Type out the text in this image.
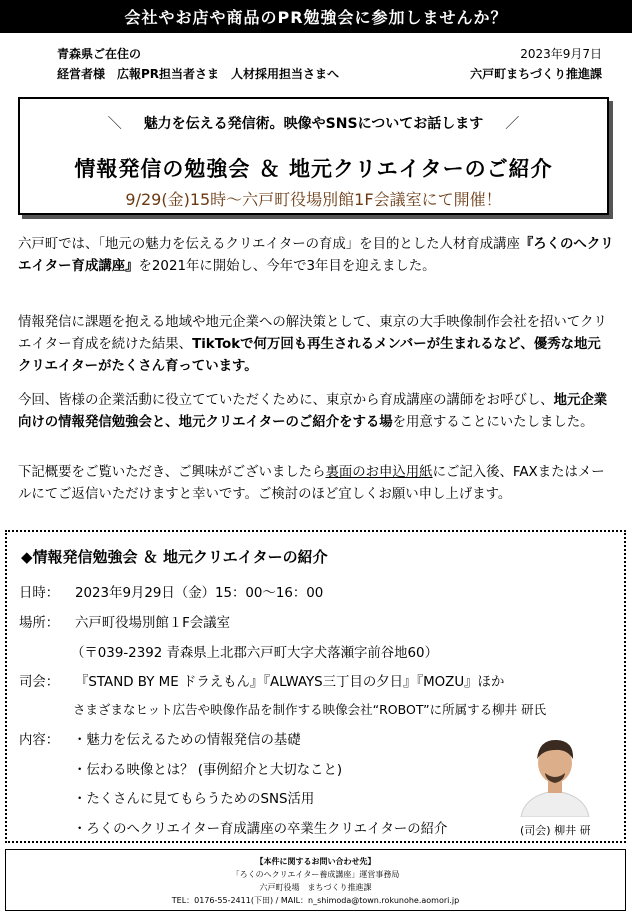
会社やお店や商品のPR勉強会に参加しませんか？
青森県ご在住の
経営者様　広報PR担当者さま　人材採用担当さまへ
2023年9月7日
六戸町まちづくり推進課
＼ 魅力を伝える発信術。映像やSNSについてお話します ／
情報発信の勉強会 ＆ 地元クリエイターのご紹介
9/29(金)15時～六戸町役場別館1F会議室にて開催！
六戸町では、「地元の魅力を伝えるクリエイターの育成」を目的とした人材育成講座『ろくのへクリエイター育成講座』を2021年に開始し、今年で3年目を迎えました。
情報発信に課題を抱える地域や地元企業への解決策として、東京の大手映像制作会社を招いてクリエイター育成を続けた結果、TikTokで何万回も再生されるメンバーが生まれるなど、優秀な地元クリエイターがたくさん育っています。
今回、皆様の企業活動に役立てていただくために、東京から育成講座の講師をお呼びし、地元企業向けの情報発信勉強会と、地元クリエイターのご紹介をする場を用意することにいたしました。
下記概要をご覧いただき、ご興味がございましたら裏面のお申込用紙にご記入後、FAXまたはメールにてご返信いただけますと幸いです。ご検討のほど宜しくお願い申し上げます。
◆情報発信勉強会 ＆ 地元クリエイターの紹介
日時： 2023年9月29日（金）15：00～16：00
場所： 六戸町役場別館１F会議室
（〒039-2392 青森県上北郡六戸町大字犬落瀬字前谷地60）
司会： 『STAND BY ME ドラえもん』『ALWAYS三丁目の夕日』『MOZU』ほか
さまざまなヒット広告や映像作品を制作する映像会社“ROBOT”に所属する柳井 研氏
内容：	・魅力を伝えるための情報発信の基礎
・伝わる映像とは？ (事例紹介と大切なこと)
・たくさんに見てもらうためのSNS活用
・ろくのへクリエイター育成講座の卒業生クリエイターの紹介	(司会) 柳井 研
【本件に関するお問い合わせ先】
「ろくのへクリエイター養成講座」運営事務局
六戸町役場　まちづくり推進課
TEL：0176-55-2411(下田) / MAIL：n_shimoda@town.rokunohe.aomori.jp
